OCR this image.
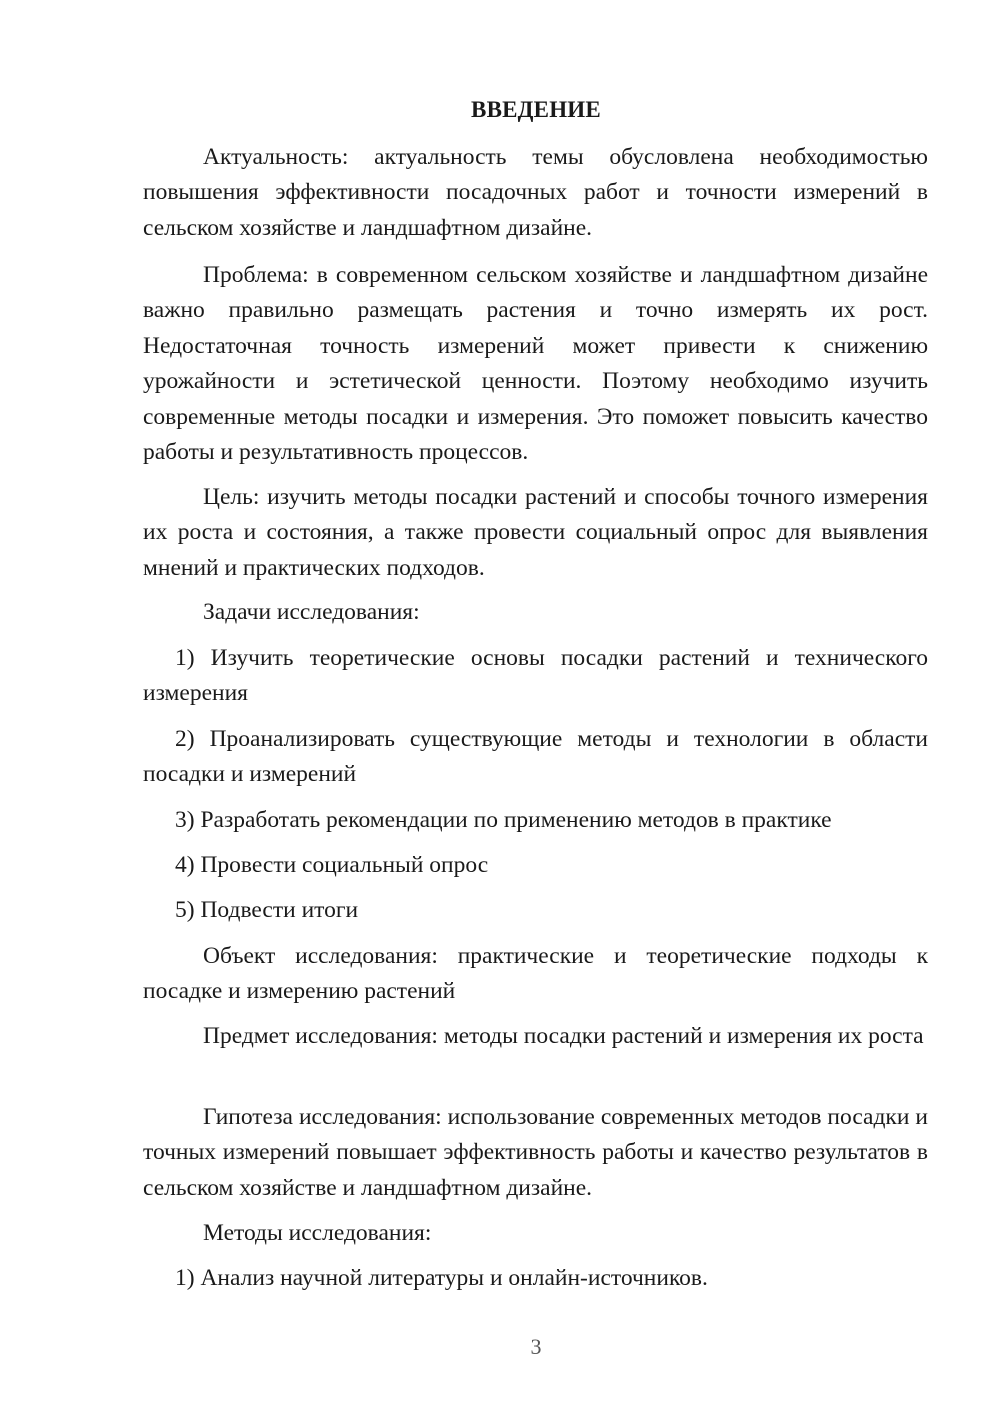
ВВЕДЕНИЕ

Актуальность: актуальность темы обусловлена необходимостью повышения эффективности посадочных работ и точности измерений в сельском хозяйстве и ландшафтном дизайне.

Проблема: в современном сельском хозяйстве и ландшафтном дизайне важно правильно размещать растения и точно измерять их рост. Недостаточная точность измерений может привести к снижению урожайности и эстетической ценности. Поэтому необходимо изучить современные методы посадки и измерения. Это поможет повысить качество работы и результативность процессов.

Цель: изучить методы посадки растений и способы точного измерения их роста и состояния, а также провести социальный опрос для выявления мнений и практических подходов.

Задачи исследования:

1) Изучить теоретические основы посадки растений и технического измерения

2) Проанализировать существующие методы и технологии в области посадки и измерений

3) Разработать рекомендации по применению методов в практике

4) Провести социальный опрос

5) Подвести итоги

Объект исследования: практические и теоретические подходы к посадке и измерению растений

Предмет исследования: методы посадки растений и измерения их роста

Гипотеза исследования: использование современных методов посадки и точных измерений повышает эффективность работы и качество результатов в сельском хозяйстве и ландшафтном дизайне.

Методы исследования:

1) Анализ научной литературы и онлайн-источников.

3
